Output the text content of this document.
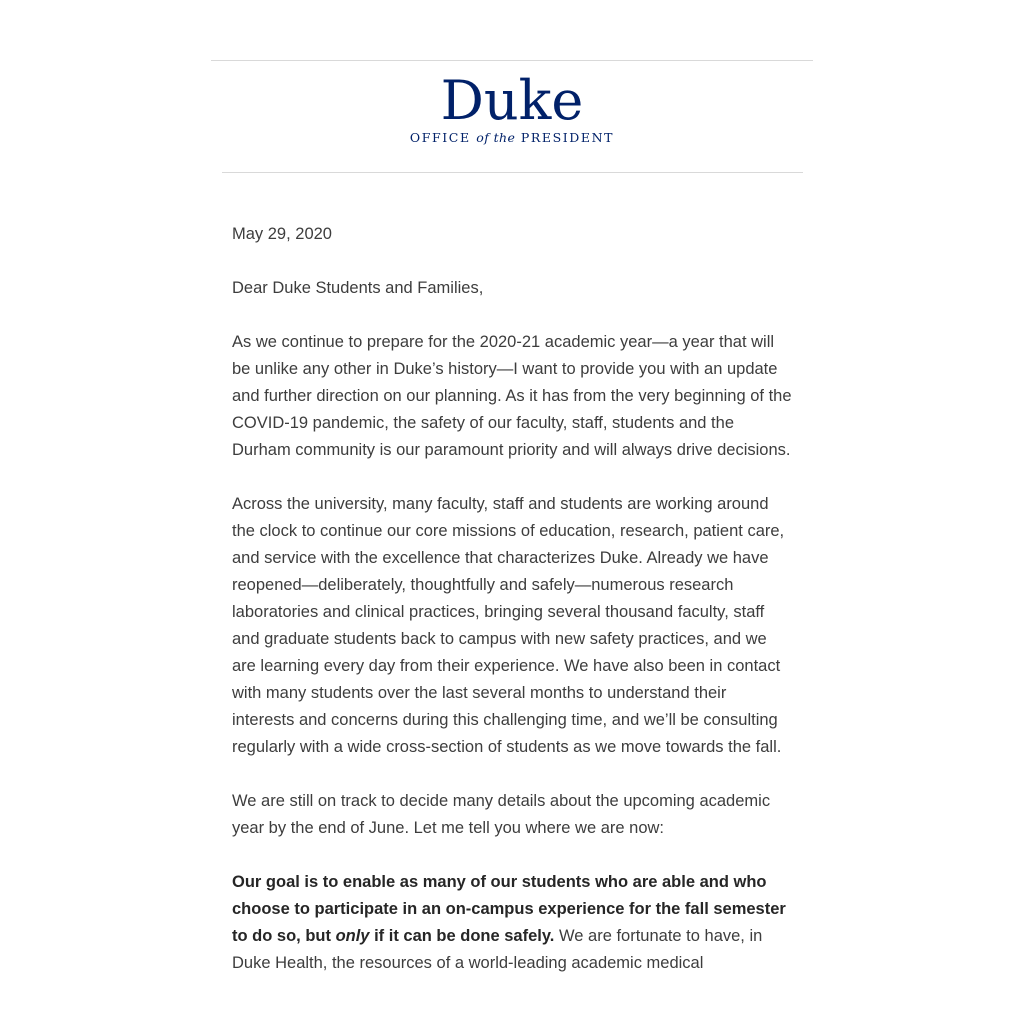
Duke
OFFICE of the PRESIDENT

May 29, 2020

Dear Duke Students and Families,

As we continue to prepare for the 2020-21 academic year—a year that will be unlike any other in Duke’s history—I want to provide you with an update and further direction on our planning. As it has from the very beginning of the COVID-19 pandemic, the safety of our faculty, staff, students and the Durham community is our paramount priority and will always drive decisions.

Across the university, many faculty, staff and students are working around the clock to continue our core missions of education, research, patient care, and service with the excellence that characterizes Duke. Already we have reopened—deliberately, thoughtfully and safely—numerous research laboratories and clinical practices, bringing several thousand faculty, staff and graduate students back to campus with new safety practices, and we are learning every day from their experience. We have also been in contact with many students over the last several months to understand their interests and concerns during this challenging time, and we’ll be consulting regularly with a wide cross-section of students as we move towards the fall.

We are still on track to decide many details about the upcoming academic year by the end of June. Let me tell you where we are now:

Our goal is to enable as many of our students who are able and who choose to participate in an on-campus experience for the fall semester to do so, but only if it can be done safely. We are fortunate to have, in Duke Health, the resources of a world-leading academic medical
